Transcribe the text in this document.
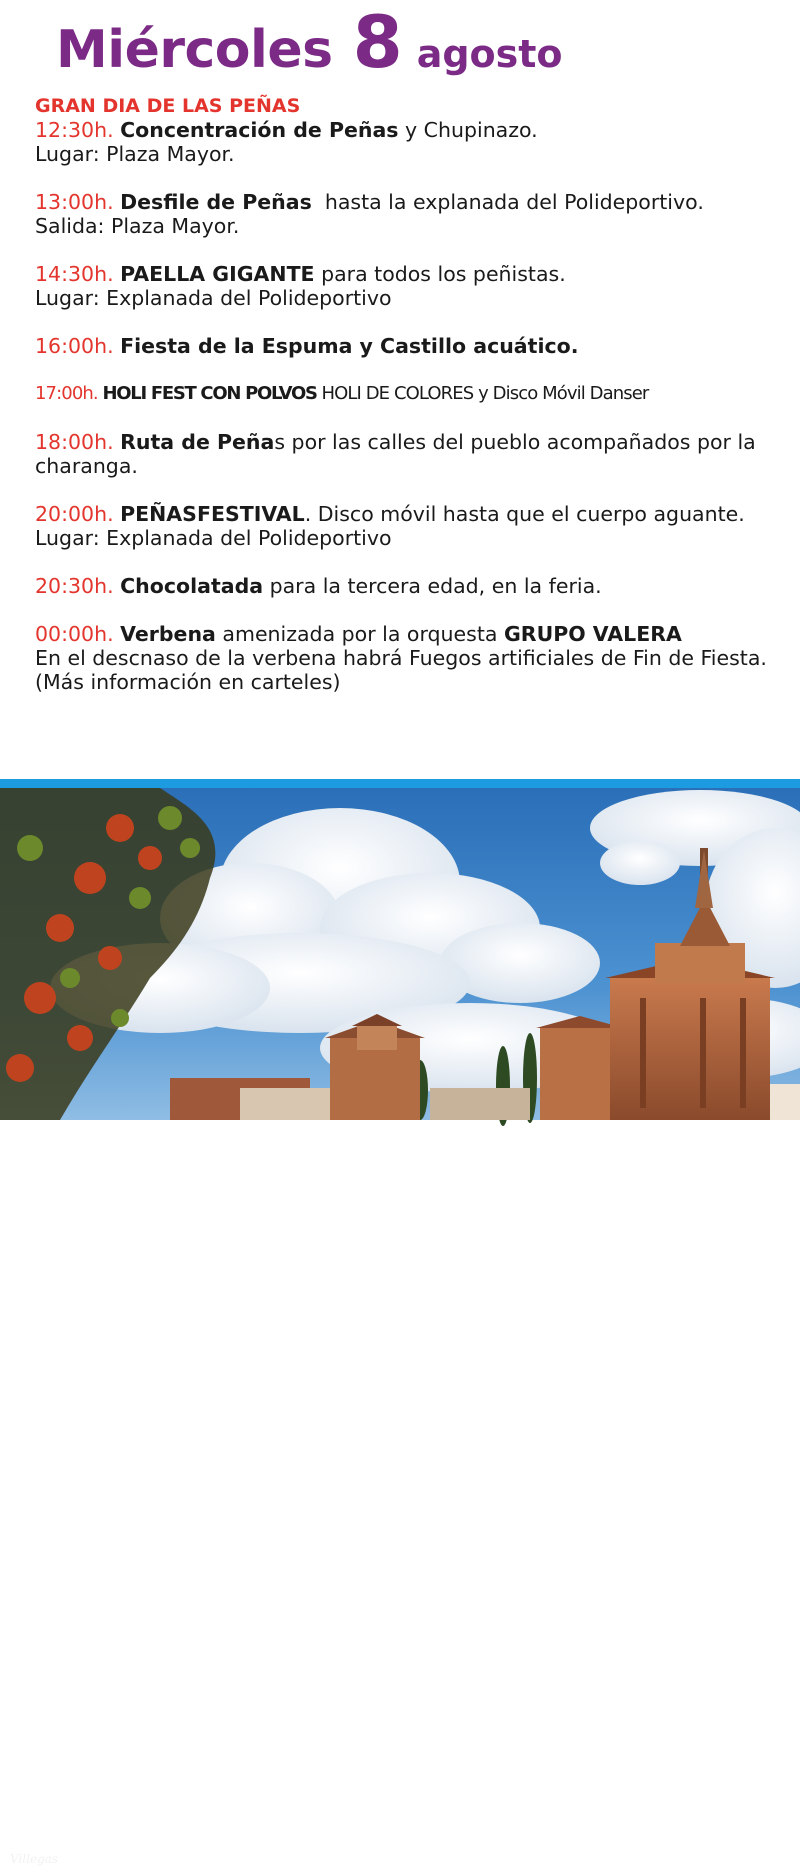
Miércoles 8 agosto
GRAN DIA DE LAS PEÑAS
12:30h. Concentración de Peñas y Chupinazo.
Lugar: Plaza Mayor.
13:00h. Desfile de Peñas  hasta la explanada del Polideportivo.
Salida: Plaza Mayor.
14:30h. PAELLA GIGANTE para todos los peñistas.
Lugar: Explanada del Polideportivo
16:00h. Fiesta de la Espuma y Castillo acuático.
17:00h. HOLI FEST CON POLVOS HOLI DE COLORES y Disco Móvil Danser
18:00h. Ruta de Peñas por las calles del pueblo acompañados por la charanga.
20:00h. PEÑASFESTIVAL. Disco móvil hasta que el cuerpo aguante.
Lugar: Explanada del Polideportivo
20:30h. Chocolatada para la tercera edad, en la feria.
00:00h. Verbena amenizada por la orquesta GRUPO VALERA
En el descnaso de la verbena habrá Fuegos artificiales de Fin de Fiesta.
(Más información en carteles)
Villegas
